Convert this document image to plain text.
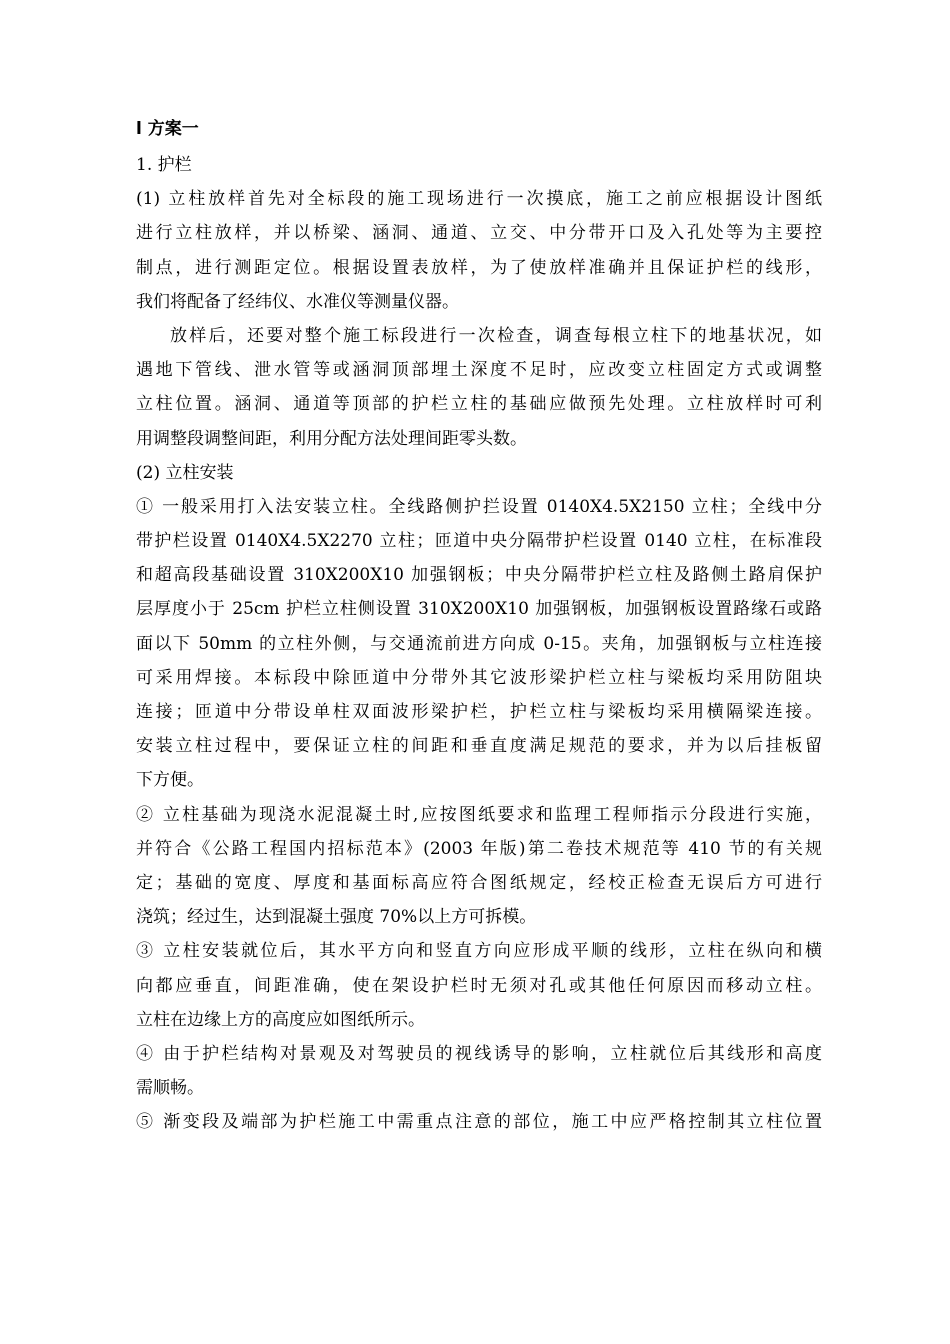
l 方案一
1. 护栏
(1) 立柱放样首先对全标段的施工现场进行一次摸底，施工之前应根据设计图纸
进行立柱放样，并以桥梁、涵洞、通道、立交、中分带开口及入孔处等为主要控
制点，进行测距定位。根据设置表放样，为了使放样准确并且保证护栏的线形，
我们将配备了经纬仪、水准仪等测量仪器。
放样后，还要对整个施工标段进行一次检查，调查每根立柱下的地基状况，如
遇地下管线、泄水管等或涵洞顶部埋土深度不足时，应改变立柱固定方式或调整
立柱位置。涵洞、通道等顶部的护栏立柱的基础应做预先处理。立柱放样时可利
用调整段调整间距，利用分配方法处理间距零头数。
(2) 立柱安装
① 一般采用打入法安装立柱。全线路侧护拦设置 0140X4.5X2150 立柱；全线中分
带护栏设置 0140X4.5X2270 立柱；匝道中央分隔带护栏设置 0140 立柱，在标准段
和超高段基础设置 310X200X10 加强钢板；中央分隔带护栏立柱及路侧土路肩保护
层厚度小于 25cm 护栏立柱侧设置 310X200X10 加强钢板，加强钢板设置路缘石或路
面以下 50mm 的立柱外侧，与交通流前进方向成 0-15。夹角，加强钢板与立柱连接
可采用焊接。本标段中除匝道中分带外其它波形梁护栏立柱与梁板均采用防阻块
连接；匝道中分带设单柱双面波形梁护栏，护栏立柱与梁板均采用横隔梁连接。
安装立柱过程中，要保证立柱的间距和垂直度满足规范的要求，并为以后挂板留
下方便。
② 立柱基础为现浇水泥混凝土时,应按图纸要求和监理工程师指示分段进行实施，
并符合《公路工程国内招标范本》(2003 年版)第二卷技术规范等 410 节的有关规
定；基础的宽度、厚度和基面标高应符合图纸规定，经校正检查无误后方可进行
浇筑；经过生，达到混凝土强度 70%以上方可拆模。
③ 立柱安装就位后，其水平方向和竖直方向应形成平顺的线形，立柱在纵向和横
向都应垂直，间距准确，使在架设护栏时无须对孔或其他任何原因而移动立柱。
立柱在边缘上方的高度应如图纸所示。
④ 由于护栏结构对景观及对驾驶员的视线诱导的影响，立柱就位后其线形和高度
需顺畅。
⑤ 渐变段及端部为护栏施工中需重点注意的部位，施工中应严格控制其立柱位置
